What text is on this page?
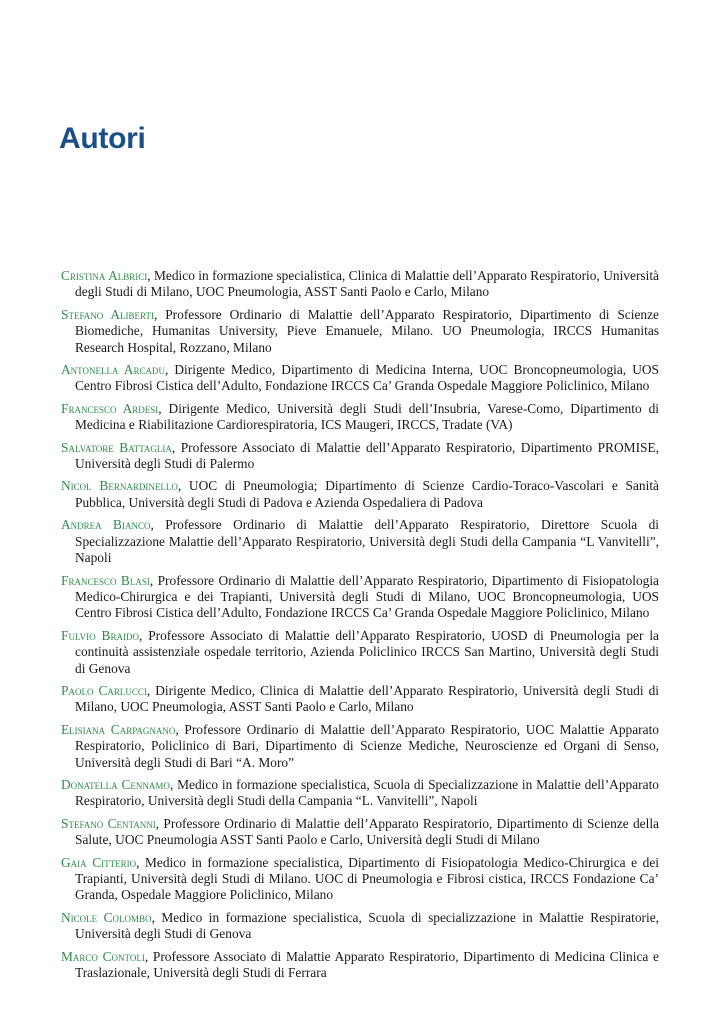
Autori
Cristina Albrici, Medico in formazione specialistica, Clinica di Malattie dell’Apparato Respiratorio, Università degli Studi di Milano, UOC Pneumologia, ASST Santi Paolo e Carlo, Milano
Stefano Aliberti, Professore Ordinario di Malattie dell’Apparato Respiratorio, Dipartimento di Scienze Biomediche, Humanitas University, Pieve Emanuele, Milano. UO Pneumologia, IRCCS Humanitas Research Hospital, Rozzano, Milano
Antonella Arcadu, Dirigente Medico, Dipartimento di Medicina Interna, UOC Broncopneumologia, UOS Centro Fibrosi Cistica dell’Adulto, Fondazione IRCCS Ca’ Granda Ospedale Maggiore Policlinico, Milano
Francesco Ardesi, Dirigente Medico, Università degli Studi dell’Insubria, Varese-Como, Dipartimento di Medicina e Riabilitazione Cardiorespiratoria, ICS Maugeri, IRCCS, Tradate (VA)
Salvatore Battaglia, Professore Associato di Malattie dell’Apparato Respiratorio, Dipartimento PROMISE, Università degli Studi di Palermo
Nicol Bernardinello, UOC di Pneumologia; Dipartimento di Scienze Cardio-Toraco-Vascolari e Sanità Pubblica, Università degli Studi di Padova e Azienda Ospedaliera di Padova
Andrea Bianco, Professore Ordinario di Malattie dell’Apparato Respiratorio, Direttore Scuola di Specializzazione Malattie dell’Apparato Respiratorio, Università degli Studi della Campania “L Vanvitelli”, Napoli
Francesco Blasi, Professore Ordinario di Malattie dell’Apparato Respiratorio, Dipartimento di Fisiopatologia Medico-Chirurgica e dei Trapianti, Università degli Studi di Milano, UOC Broncopneumologia, UOS Centro Fibrosi Cistica dell’Adulto, Fondazione IRCCS Ca’ Granda Ospedale Maggiore Policlinico, Milano
Fulvio Braido, Professore Associato di Malattie dell’Apparato Respiratorio, UOSD di Pneumologia per la continuità assistenziale ospedale territorio, Azienda Policlinico IRCCS San Martino, Università degli Studi di Genova
Paolo Carlucci, Dirigente Medico, Clinica di Malattie dell’Apparato Respiratorio, Università degli Studi di Milano, UOC Pneumologia, ASST Santi Paolo e Carlo, Milano
Elisiana Carpagnano, Professore Ordinario di Malattie dell’Apparato Respiratorio, UOC Malattie Apparato Respiratorio, Policlinico di Bari, Dipartimento di Scienze Mediche, Neuroscienze ed Organi di Senso, Università degli Studi di Bari “A. Moro”
Donatella Cennamo, Medico in formazione specialistica, Scuola di Specializzazione in Malattie dell’Apparato Respiratorio, Università degli Studi della Campania “L. Vanvitelli”, Napoli
Stefano Centanni, Professore Ordinario di Malattie dell’Apparato Respiratorio, Dipartimento di Scienze della Salute, UOC Pneumologia ASST Santi Paolo e Carlo, Università degli Studi di Milano
Gaia Citterio, Medico in formazione specialistica, Dipartimento di Fisiopatologia Medico-Chirurgica e dei Trapianti, Università degli Studi di Milano. UOC di Pneumologia e Fibrosi cistica, IRCCS Fondazione Ca’ Granda, Ospedale Maggiore Policlinico, Milano
Nicole Colombo, Medico in formazione specialistica, Scuola di specializzazione in Malattie Respiratorie, Università degli Studi di Genova
Marco Contoli, Professore Associato di Malattie Apparato Respiratorio, Dipartimento di Medicina Clinica e Traslazionale, Università degli Studi di Ferrara
